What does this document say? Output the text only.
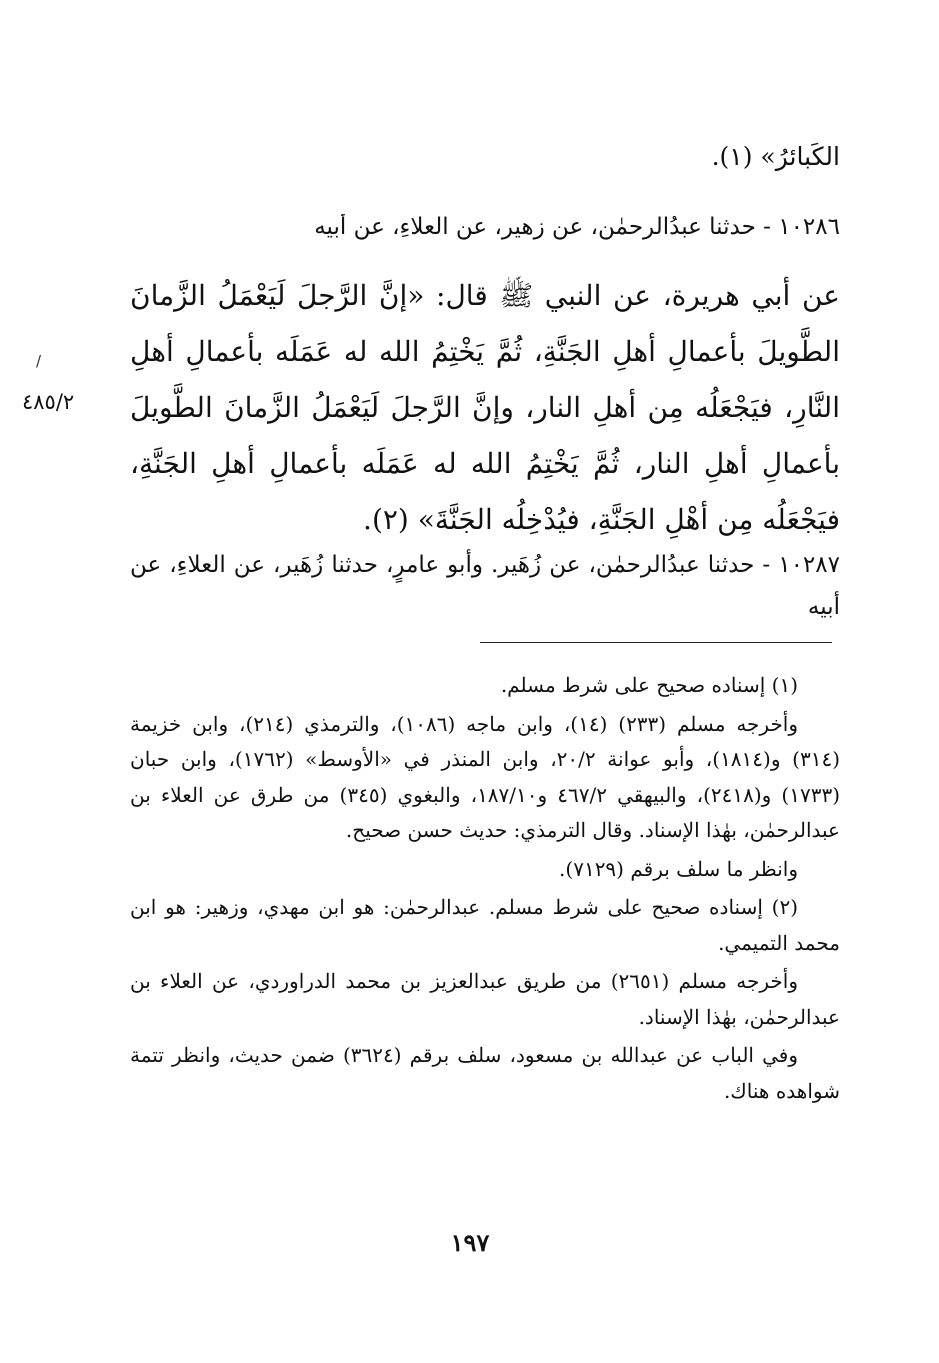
الكَبائرُ» (١).

١٠٢٨٦ - حدثنا عبدُالرحمٰن، عن زهير، عن العلاءِ، عن أبيه

عن أبي هريرة، عن النبي ﷺ قال: «إنَّ الرَّجلَ لَيَعْمَلُ الزَّمانَ الطَّويلَ بأعمالِ أهلِ الجَنَّةِ، ثُمَّ يَخْتِمُ الله له عَمَلَه بأعمالِ أهلِ النَّارِ، فيَجْعَلُه مِن أهلِ النار، وإنَّ الرَّجلَ لَيَعْمَلُ الزَّمانَ الطَّويلَ بأعمالِ أهلِ النار، ثُمَّ يَخْتِمُ الله له عَمَلَه بأعمالِ أهلِ الجَنَّةِ، فيَجْعَلُه مِن أهْلِ الجَنَّةِ، فيُدْخِلُه الجَنَّةَ» (٢).

/
٤٨٥/٢

١٠٢٨٧ - حدثنا عبدُالرحمٰن، عن زُهَير. وأبو عامرٍ، حدثنا زُهَير، عن العلاءِ، عن أبيه

(١) إسناده صحيح على شرط مسلم.

وأخرجه مسلم (٢٣٣) (١٤)، وابن ماجه (١٠٨٦)، والترمذي (٢١٤)، وابن خزيمة (٣١٤) و(١٨١٤)، وأبو عوانة ٢٠/٢، وابن المنذر في «الأوسط» (١٧٦٢)، وابن حبان (١٧٣٣) و(٢٤١٨)، والبيهقي ٤٦٧/٢ و١٨٧/١٠، والبغوي (٣٤٥) من طرق عن العلاء بن عبدالرحمٰن، بهٰذا الإسناد. وقال الترمذي: حديث حسن صحيح.

وانظر ما سلف برقم (٧١٢٩).

(٢) إسناده صحيح على شرط مسلم. عبدالرحمٰن: هو ابن مهدي، وزهير: هو ابن محمد التميمي.

وأخرجه مسلم (٢٦٥١) من طريق عبدالعزيز بن محمد الدراوردي، عن العلاء بن عبدالرحمٰن، بهٰذا الإسناد.

وفي الباب عن عبدالله بن مسعود، سلف برقم (٣٦٢٤) ضمن حديث، وانظر تتمة شواهده هناك.

١٩٧
